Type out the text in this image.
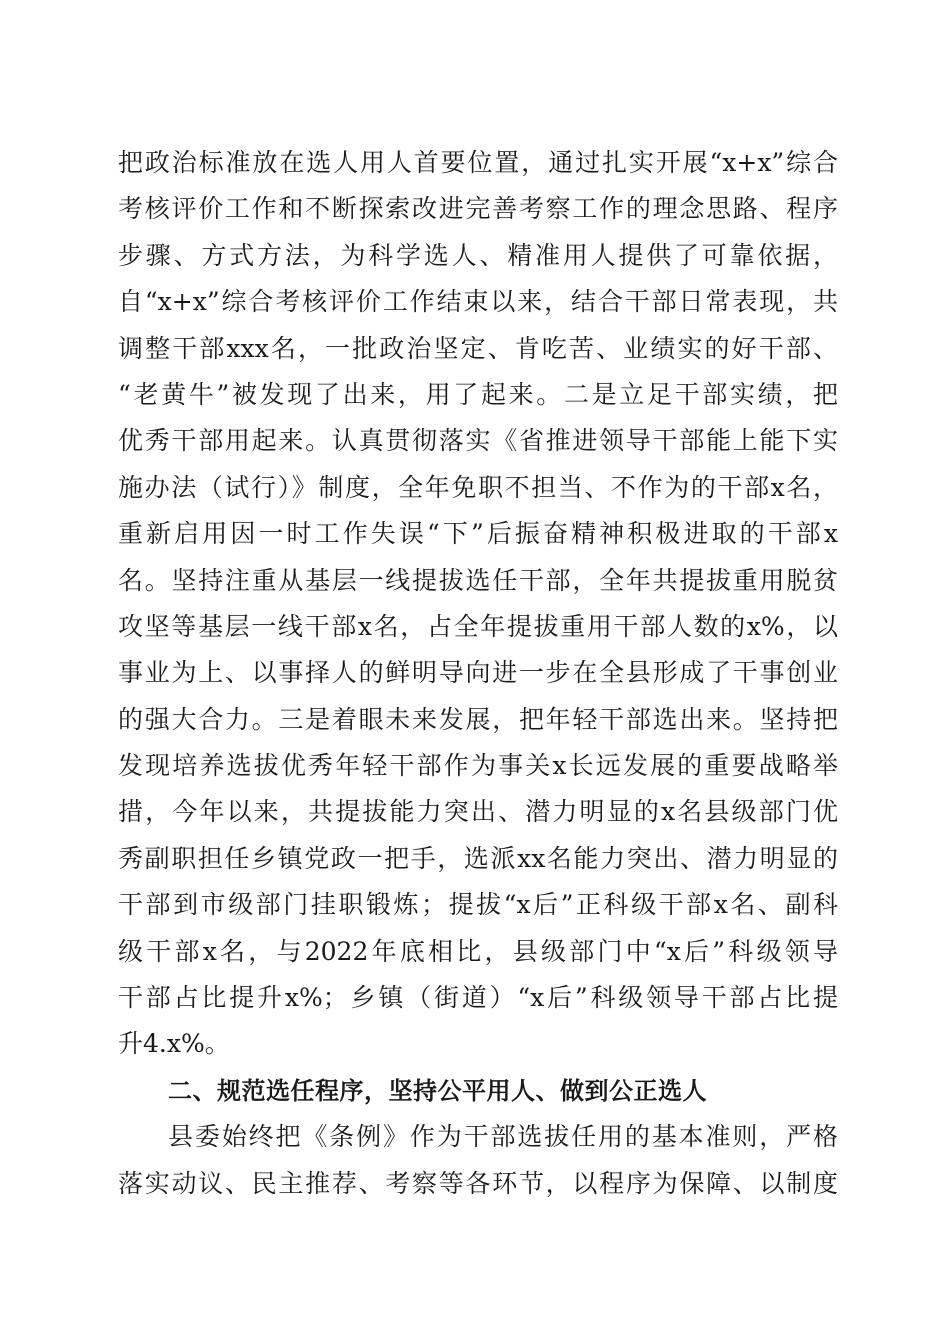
把政治标准放在选人用人首要位置，通过扎实开展“x+x”综合
考核评价工作和不断探索改进完善考察工作的理念思路、程序
步骤、方式方法，为科学选人、精准用人提供了可靠依据，
自“x+x”综合考核评价工作结束以来，结合干部日常表现，共
调整干部xxx名，一批政治坚定、肯吃苦、业绩实的好干部、
“老黄牛”被发现了出来，用了起来。二是立足干部实绩，把
优秀干部用起来。认真贯彻落实《省推进领导干部能上能下实
施办法（试行）》制度，全年免职不担当、不作为的干部x名，
重新启用因一时工作失误“下”后振奋精神积极进取的干部x
名。坚持注重从基层一线提拔选任干部，全年共提拔重用脱贫
攻坚等基层一线干部x名，占全年提拔重用干部人数的x%，以
事业为上、以事择人的鲜明导向进一步在全县形成了干事创业
的强大合力。三是着眼未来发展，把年轻干部选出来。坚持把
发现培养选拔优秀年轻干部作为事关x长远发展的重要战略举
措，今年以来，共提拔能力突出、潜力明显的x名县级部门优
秀副职担任乡镇党政一把手，选派xx名能力突出、潜力明显的
干部到市级部门挂职锻炼；提拔“x后”正科级干部x名、副科
级干部x名，与2022年底相比，县级部门中“x后”科级领导
干部占比提升x%；乡镇（街道）“x后”科级领导干部占比提
升4.x%。
二、规范选任程序，坚持公平用人、做到公正选人
县委始终把《条例》作为干部选拔任用的基本准则，严格
落实动议、民主推荐、考察等各环节，以程序为保障、以制度
